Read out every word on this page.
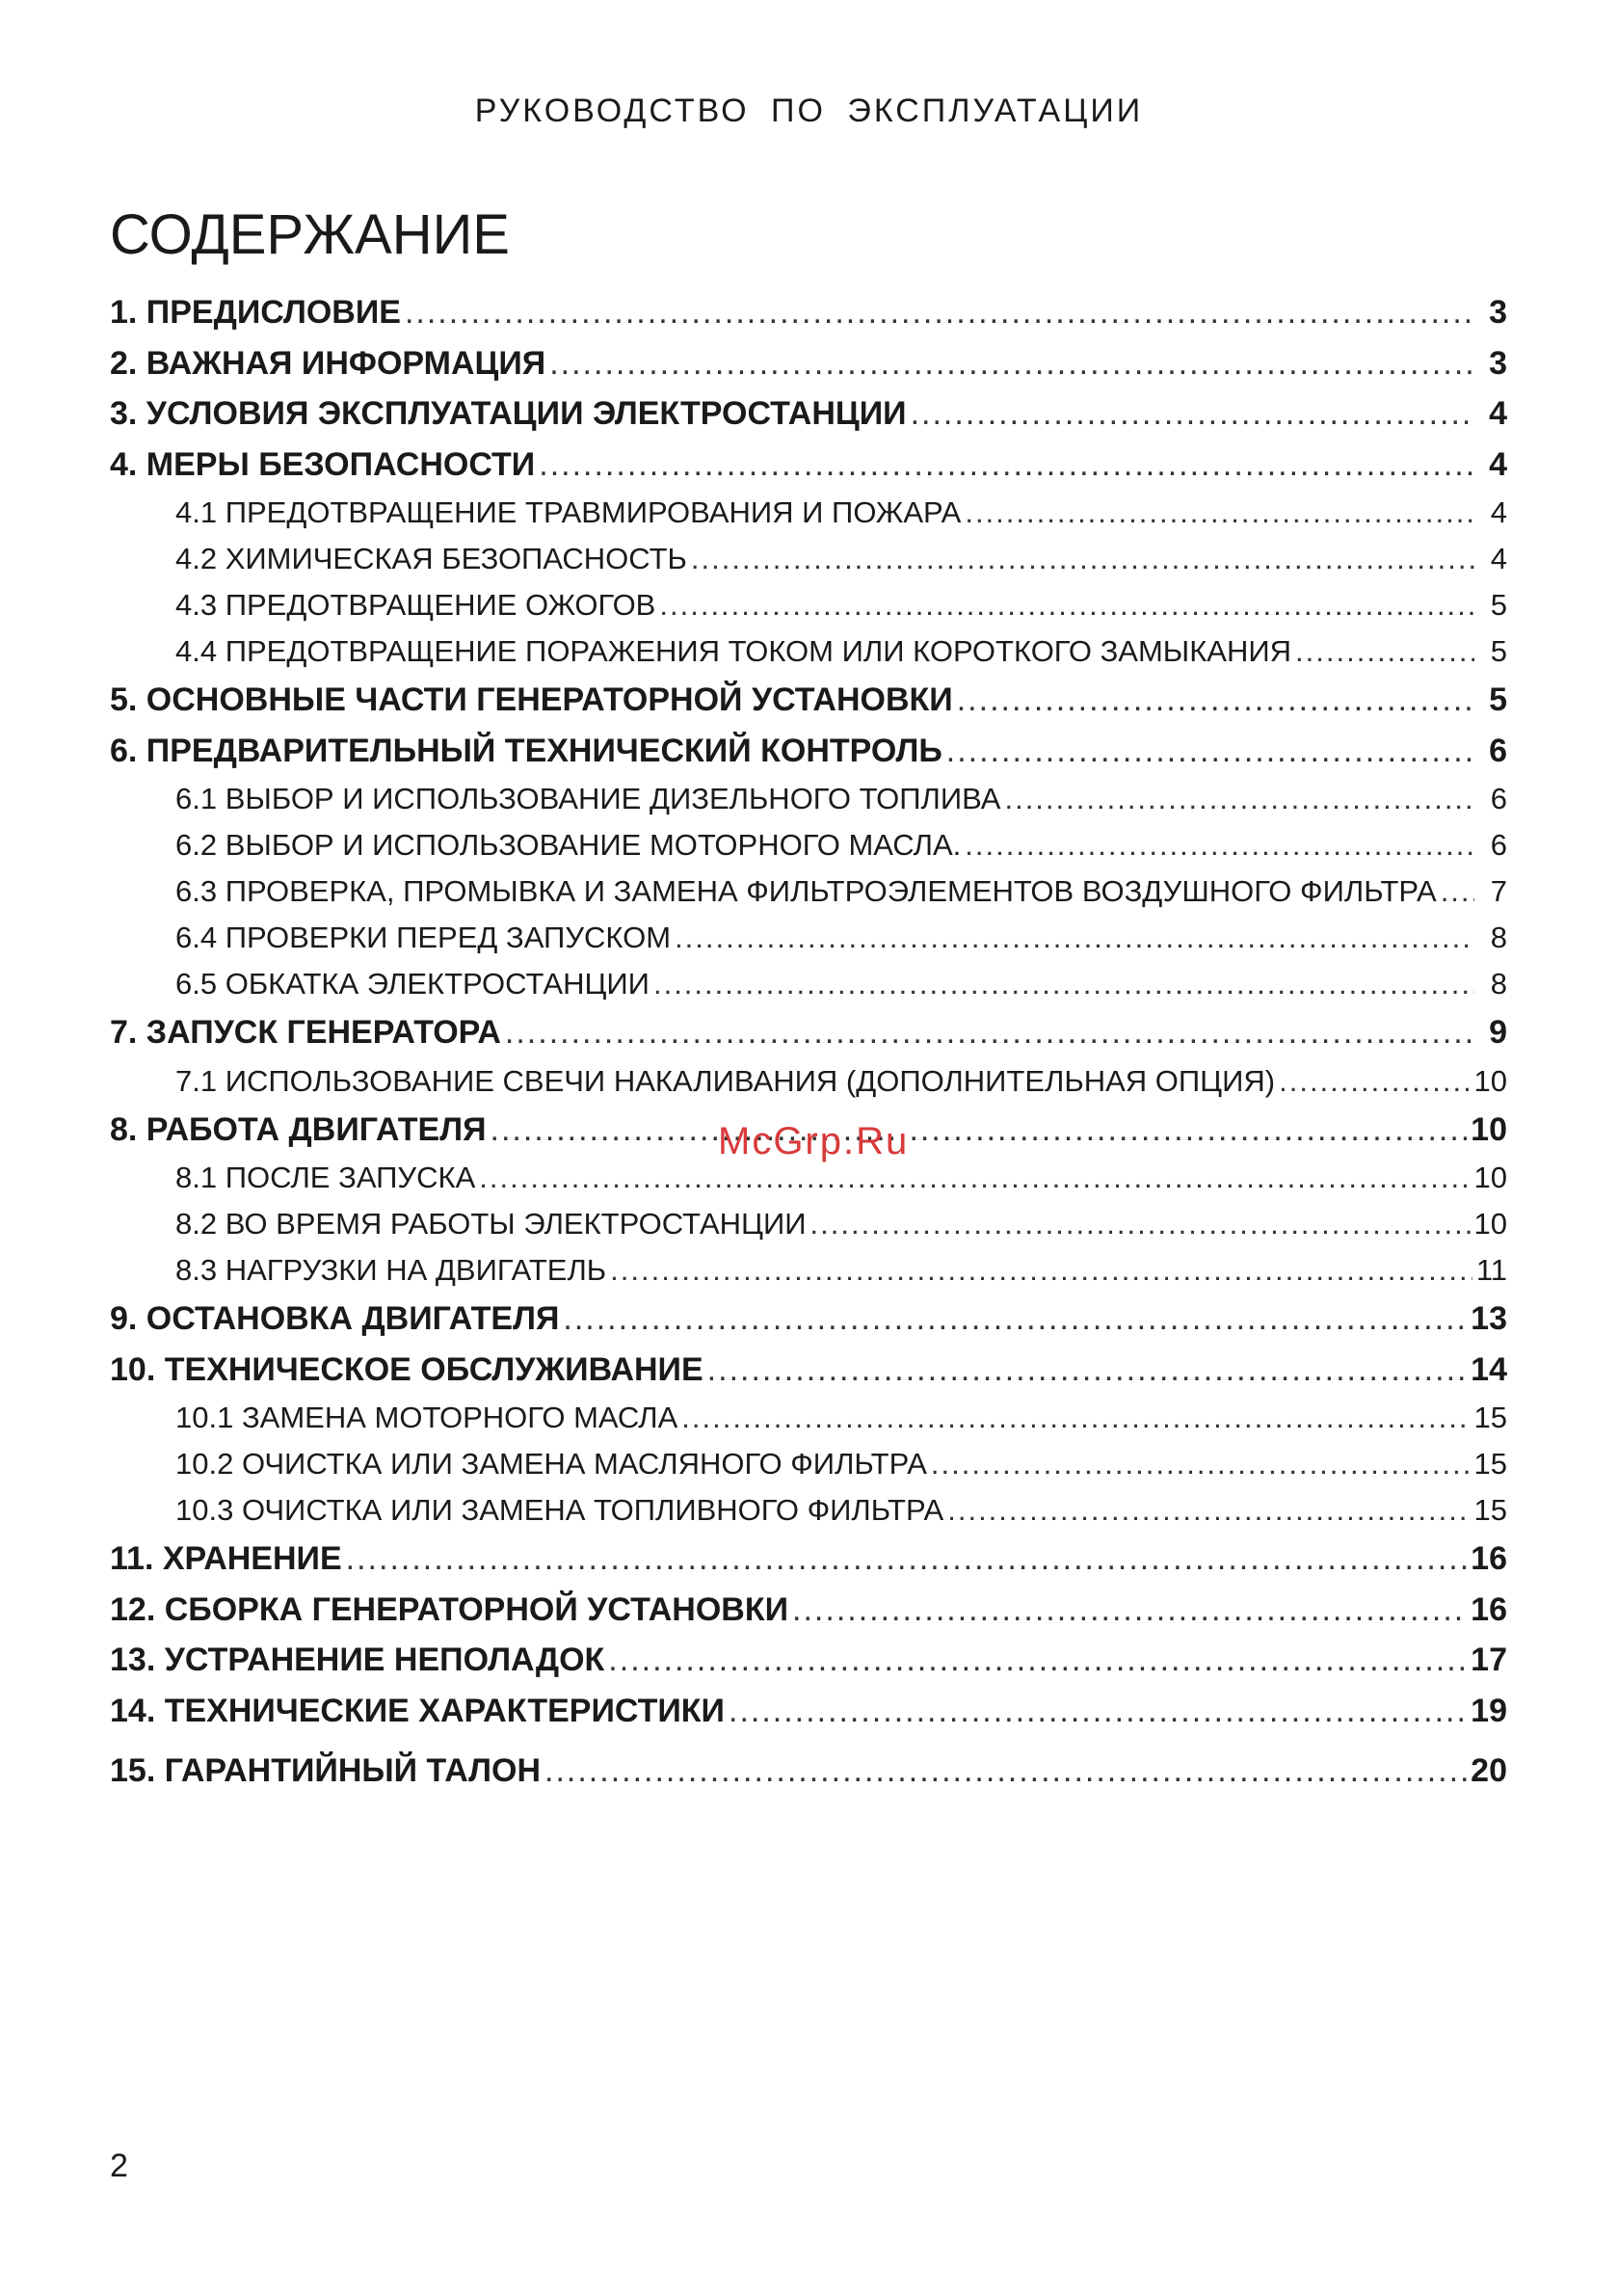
РУКОВОДСТВО ПО ЭКСПЛУАТАЦИИ
СОДЕРЖАНИЕ
1. ПРЕДИСЛОВИЕ .....	3
2. ВАЖНАЯ ИНФОРМАЦИЯ .....	3
3. УСЛОВИЯ ЭКСПЛУАТАЦИИ ЭЛЕКТРОСТАНЦИИ .....	4
4. МЕРЫ БЕЗОПАСНОСТИ .....	4
4.1 ПРЕДОТВРАЩЕНИЕ ТРАВМИРОВАНИЯ И ПОЖАРА .....	4
4.2 ХИМИЧЕСКАЯ БЕЗОПАСНОСТЬ .....	4
4.3 ПРЕДОТВРАЩЕНИЕ ОЖОГОВ .....	5
4.4 ПРЕДОТВРАЩЕНИЕ ПОРАЖЕНИЯ ТОКОМ ИЛИ КОРОТКОГО ЗАМЫКАНИЯ .....	5
5. ОСНОВНЫЕ ЧАСТИ ГЕНЕРАТОРНОЙ УСТАНОВКИ .....	5
6. ПРЕДВАРИТЕЛЬНЫЙ ТЕХНИЧЕСКИЙ КОНТРОЛЬ .....	6
6.1 ВЫБОР И ИСПОЛЬЗОВАНИЕ ДИЗЕЛЬНОГО ТОПЛИВА .....	6
6.2 ВЫБОР И ИСПОЛЬЗОВАНИЕ МОТОРНОГО МАСЛА. .....	6
6.3 ПРОВЕРКА, ПРОМЫВКА И ЗАМЕНА ФИЛЬТРОЭЛЕМЕНТОВ ВОЗДУШНОГО ФИЛЬТРА .....	7
6.4 ПРОВЕРКИ ПЕРЕД ЗАПУСКОМ .....	8
6.5 ОБКАТКА ЭЛЕКТРОСТАНЦИИ .....	8
7. ЗАПУСК ГЕНЕРАТОРА .....	9
7.1 ИСПОЛЬЗОВАНИЕ СВЕЧИ НАКАЛИВАНИЯ (ДОПОЛНИТЕЛЬНАЯ ОПЦИЯ) .....	10
8. РАБОТА ДВИГАТЕЛЯ .....	10
8.1 ПОСЛЕ ЗАПУСКА .....	10
8.2 ВО ВРЕМЯ РАБОТЫ ЭЛЕКТРОСТАНЦИИ .....	10
8.3 НАГРУЗКИ НА ДВИГАТЕЛЬ .....	11
9. ОСТАНОВКА ДВИГАТЕЛЯ .....	13
10. ТЕХНИЧЕСКОЕ ОБСЛУЖИВАНИЕ .....	14
10.1 ЗАМЕНА МОТОРНОГО МАСЛА .....	15
10.2 ОЧИСТКА ИЛИ ЗАМЕНА МАСЛЯНОГО ФИЛЬТРА .....	15
10.3 ОЧИСТКА ИЛИ ЗАМЕНА ТОПЛИВНОГО ФИЛЬТРА .....	15
11. ХРАНЕНИЕ .....	16
12. СБОРКА ГЕНЕРАТОРНОЙ УСТАНОВКИ .....	16
13. УСТРАНЕНИЕ НЕПОЛАДОК .....	17
14. ТЕХНИЧЕСКИЕ ХАРАКТЕРИСТИКИ .....	19
15. ГАРАНТИЙНЫЙ ТАЛОН .....	20
McGrp.Ru
2
